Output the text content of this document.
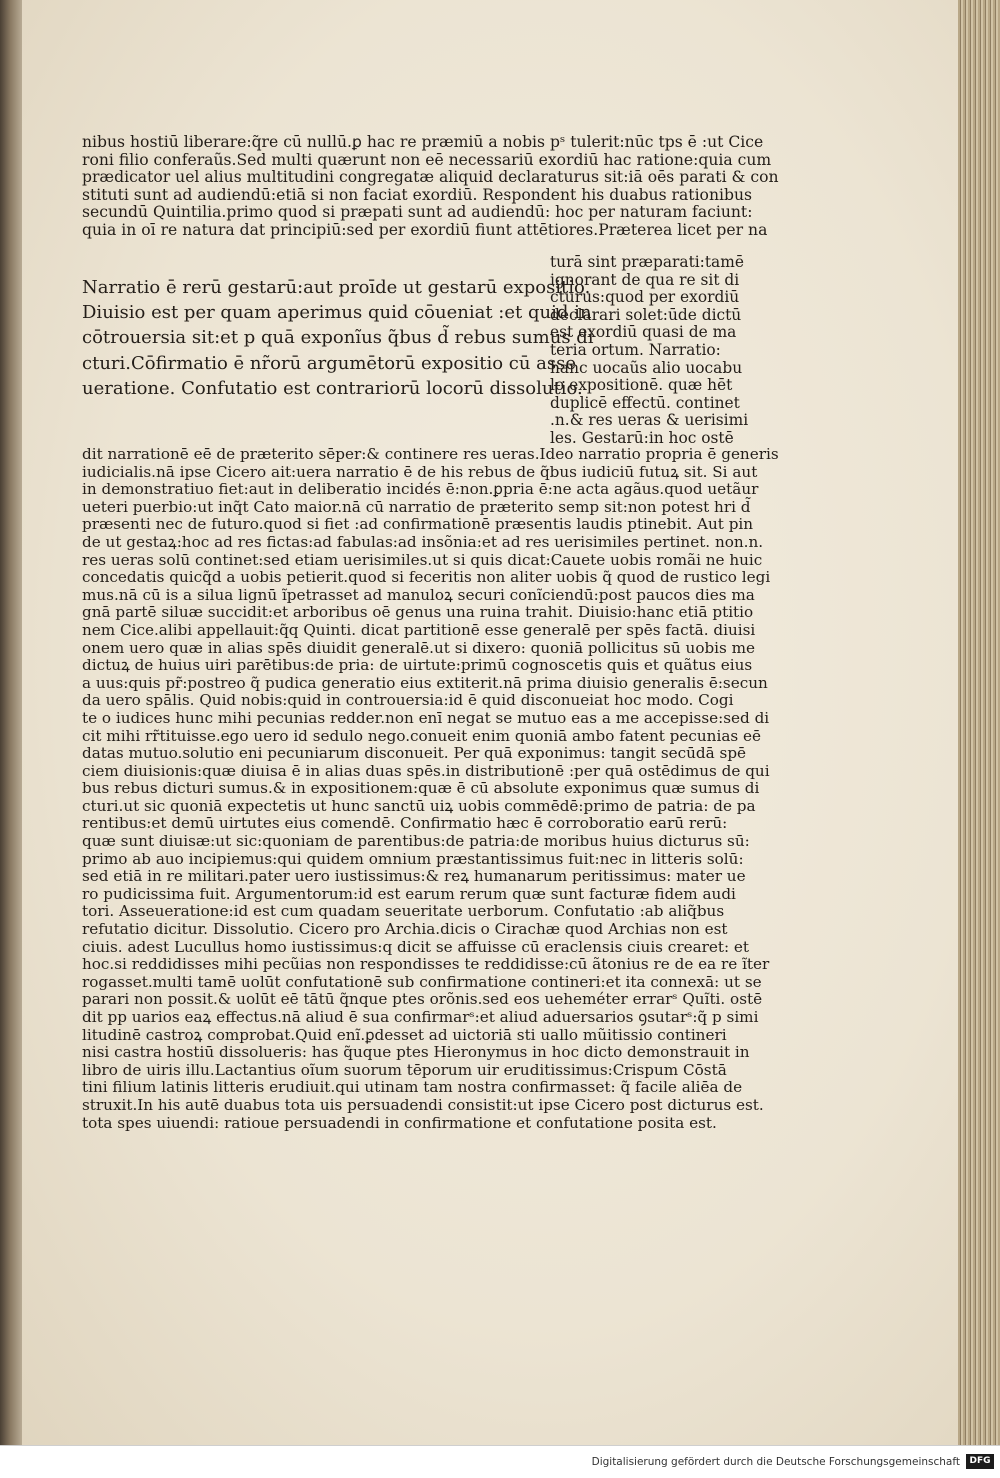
nibus hostiū liberare:q̃re cū nullū.ꝑ hac re præmiū a nobis pˢ tulerit:nūc tps ē :ut Cice
roni filio conferaũs.Sed multi quærunt non eē necessariū exordiū hac ratione:quia cum
prædicator uel alius multitudini congregatæ aliquid declaraturus sit:iā oēs parati & con
stituti sunt ad audiendū:etiā si non faciat exordiū. Respondent his duabus rationibus
secundū Quintilia.primo quod si præpati sunt ad audiendū: hoc per naturam faciunt:
quia in oī re natura dat principiū:sed per exordiū fiunt attētiores.Præterea licet per na
Narratio ē rerū gestarū:aut proīde ut gestarū expositio.
Diuisio est per quam aperimus quid cōueniat :et quid in
cōtrouersia sit:et p quā exponĩus q̃bus d̃ rebus sumus di
cturi.Cōfirmatio ē nr̃orū argumētorū expositio cū asse
ueratione. Confutatio est contrariorū locorū dissolutio.
turā sint præparati:tamē
ignorant de qua re sit di
cturus:quod per exordiū
declarari solet:ūde dictū
est exordiū quasi de ma
teria ortum. Narratio:
hanc uocaũs alio uocabu
lo expositionē. quæ hēt
duplicē effectū. continet
.n.& res ueras & uerisimi
les. Gestarū:in hoc ostē
dit narrationē eē de præterito sēper:& continere res ueras.Ideo narratio propria ē generis
iudicialis.nā ipse Cicero ait:uera narratio ē de his rebus de q̃bus iudiciū futuꝝ sit. Si aut
in demonstratiuo fiet:aut in deliberatio incidés ē:non.ꝑpria ē:ne acta agãus.quod uetãur
ueteri puerbio:ut inq̃t Cato maior.nā cū narratio de præterito semp sit:non potest hri d̃
præsenti nec de futuro.quod si fiet :ad confirmationē præsentis laudis ptinebit. Aut pin
de ut gestaꝝ:hoc ad res fictas:ad fabulas:ad insõnia:et ad res uerisimiles pertinet. non.n.
res ueras solū continet:sed etiam uerisimiles.ut si quis dicat:Cauete uobis romãi ne huic
concedatis quicq̃d a uobis petierit.quod si feceritis non aliter uobis q̃ quod de rustico legi
mus.nā cū is a silua lignū ĩpetrasset ad manuloꝝ securi conĩciendū:post paucos dies ma
gnā partē siluæ succidit:et arboribus oē genus una ruina trahit. Diuisio:hanc etiā ptitio
nem Cice.alibi appellauit:q̃q Quinti. dicat partitionē esse generalē per spēs factā. diuisi
onem uero quæ in alias spēs diuidit generalē.ut si dixero: quoniā pollicitus sū uobis me
dictuꝝ de huius uiri parētibus:de pria: de uirtute:primū cognoscetis quis et quãtus eius
a uus:quis pr̃:postreo q̃ pudica generatio eius extiterit.nā prima diuisio generalis ē:secun
da uero spālis. Quid nobis:quid in controuersia:id ē quid disconueiat hoc modo. Cogi
te o iudices hunc mihi pecunias redder.non enī negat se mutuo eas a me accepisse:sed di
cit mihi rr̃tituisse.ego uero id sedulo nego.conueit enim quoniā ambo fatent pecunias eē
datas mutuo.solutio eni pecuniarum disconueit. Per quā exponimus: tangit secūdā spē
ciem diuisionis:quæ diuisa ē in alias duas spēs.in distributionē :per quā ostēdimus de qui
bus rebus dicturi sumus.& in expositionem:quæ ē cū absolute exponimus quæ sumus di
cturi.ut sic quoniā expectetis ut hunc sanctū uiꝝ uobis commēdē:primo de patria: de pa
rentibus:et demū uirtutes eius comendē. Confirmatio hæc ē corroboratio earū rerū:
quæ sunt diuisæ:ut sic:quoniam de parentibus:de patria:de moribus huius dicturus sū:
primo ab auo incipiemus:qui quidem omnium præstantissimus fuit:nec in litteris solū:
sed etiā in re militari.pater uero iustissimus:& reꝝ humanarum peritissimus: mater ue
ro pudicissima fuit. Argumentorum:id est earum rerum quæ sunt facturæ fidem audi
tori. Asseueratione:id est cum quadam seueritate uerborum. Confutatio :ab aliq̃bus
refutatio dicitur. Dissolutio. Cicero pro Archia.dicis o Cirachæ quod Archias non est
ciuis. adest Lucullus homo iustissimus:q dicit se affuisse cū eraclensis ciuis crearet: et
hoc.si reddidisses mihi pecũias non respondisses te reddidisse:cū ãtonius re de ea re ĩter
rogasset.multi tamē uolūt confutationē sub confirmatione contineri:et ita connexā: ut se
parari non possit.& uolūt eē tātū q̃nque ptes orõnis.sed eos ueheméter errarˢ Quĩti. ostē
dit pp uarios eaꝝ effectus.nā aliud ē sua confirmarˢ:et aliud aduersarios ꝯsutarˢ:q̃ p simi
litudinē castroꝝ comprobat.Quid enĩ.ꝑdesset ad uictoriā sti uallo mũitissio contineri
nisi castra hostiū dissolueris: has q̃uque ptes Hieronymus in hoc dicto demonstrauit in
libro de uiris illu.Lactantius oĩum suorum tēporum uir eruditissimus:Crispum Cōstā
tini filium latinis litteris erudiuit.qui utinam tam nostra confirmasset: q̃ facile aliēa de
struxit.In his autē duabus tota uis persuadendi consistit:ut ipse Cicero post dicturus est.
tota spes uiuendi: ratioue persuadendi in confirmatione et confutatione posita est.
Digitalisierung gefördert durch die Deutsche Forschungsgemeinschaft	DFG
